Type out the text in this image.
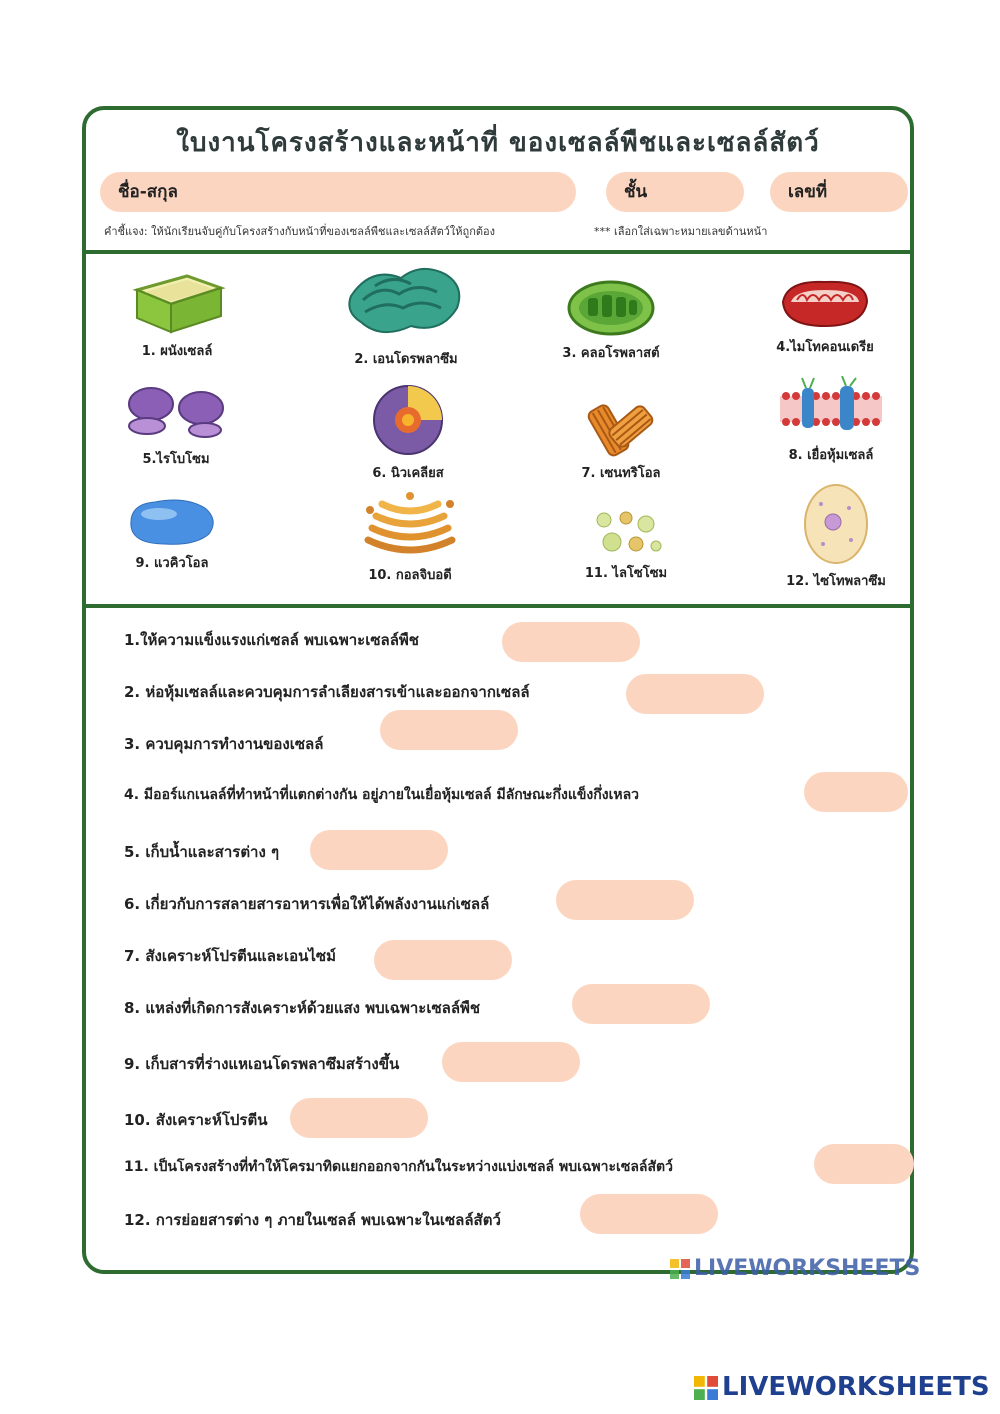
ใบงานโครงสร้างและหน้าที่ ของเซลล์พืชและเซลล์สัตว์
ชื่อ-สกุล	ชั้น	เลขที่
คำชี้แจง: ให้นักเรียนจับคู่กับโครงสร้างกับหน้าที่ของเซลล์พืชและเซลล์สัตว์ให้ถูกต้อง	*** เลือกใส่เฉพาะหมายเลขด้านหน้า
1. ผนังเซลล์
2. เอนโดรพลาซึม	3. คลอโรพลาสต์	4.ไมโทคอนเดรีย
5.ไรโบโซม
6. นิวเคลียส	7. เซนทริโอล
8. เยื่อหุ้มเซลล์
9. แวคิวโอล
10. กอลจิบอดี	11. ไลโซโซม
12. ไซโทพลาซึม
1.ให้ความแข็งแรงแก่เซลล์ พบเฉพาะเซลล์พืช
2. ห่อหุ้มเซลล์และควบคุมการลำเลียงสารเข้าและออกจากเซลล์
3. ควบคุมการทำงานของเซลล์
4. มีออร์แกเนลล์ที่ทำหน้าที่แตกต่างกัน อยู่ภายในเยื่อหุ้มเซลล์ มีลักษณะกึ่งแข็งกึ่งเหลว
5. เก็บน้ำและสารต่าง ๆ
6. เกี่ยวกับการสลายสารอาหารเพื่อให้ได้พลังงานแก่เซลล์
7. สังเคราะห์โปรตีนและเอนไซม์
8. แหล่งที่เกิดการสังเคราะห์ด้วยแสง พบเฉพาะเซลล์พืช
9. เก็บสารที่ร่างแหเอนโดรพลาซึมสร้างขึ้น
10. สังเคราะห์โปรตีน
11. เป็นโครงสร้างที่ทำให้โครมาทิดแยกออกจากกันในระหว่างแบ่งเซลล์ พบเฉพาะเซลล์สัตว์
12. การย่อยสารต่าง ๆ ภายในเซลล์ พบเฉพาะในเซลล์สัตว์
LIVEWORKSHEETS
LIVEWORKSHEETS
